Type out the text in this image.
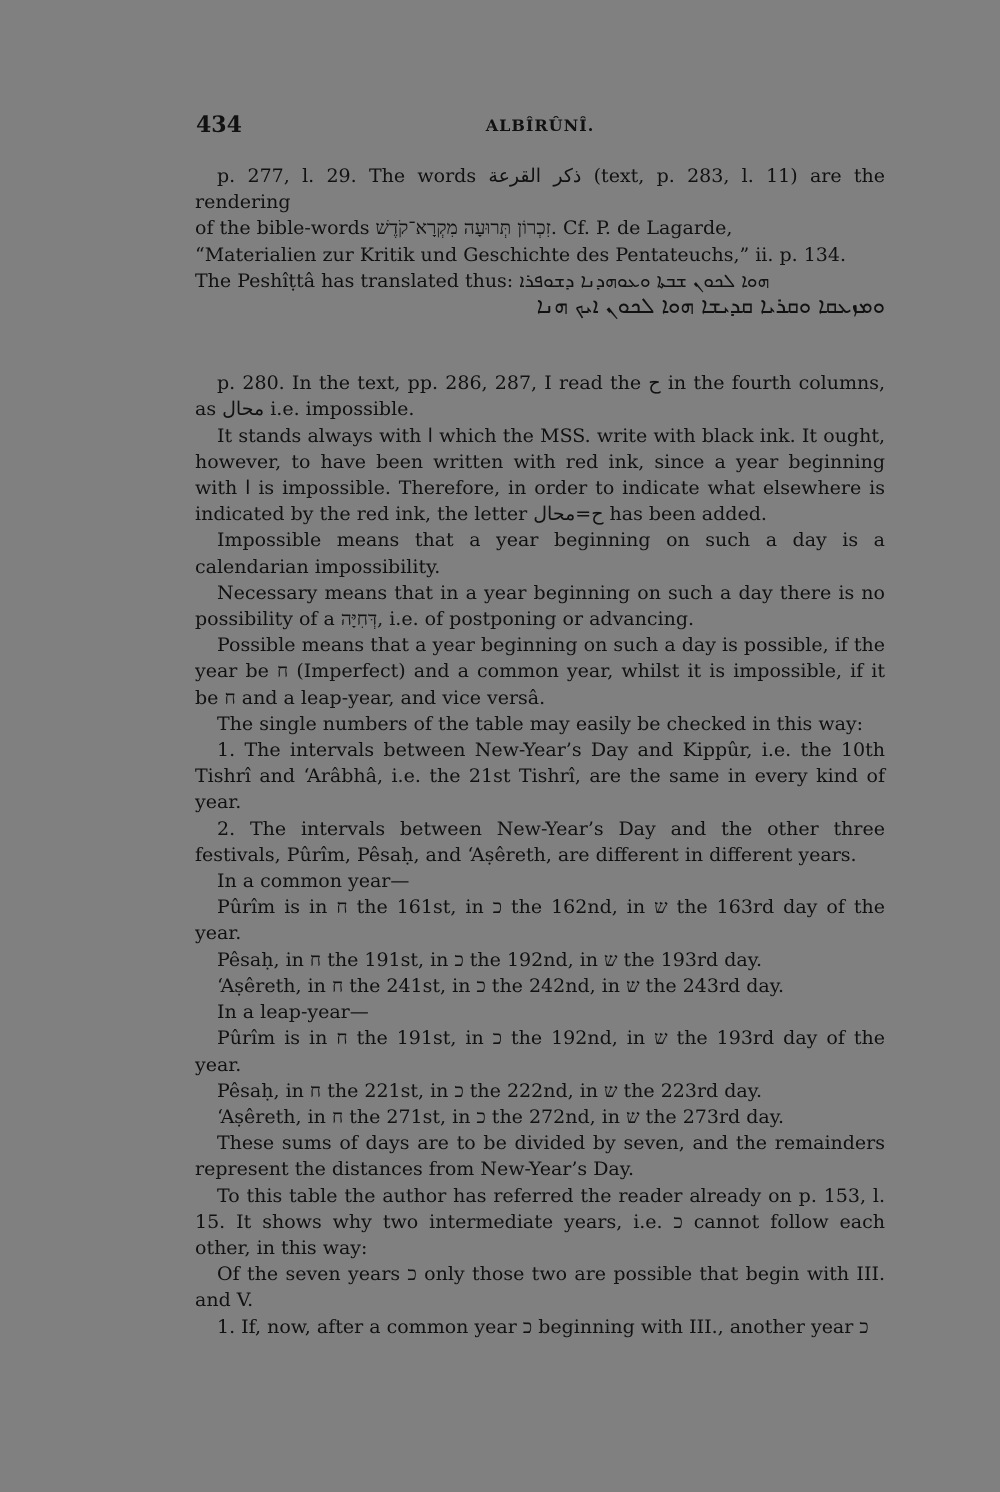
434	ALBÎRÛNÎ.

p. 277, l. 29. The words ذكر القرعة (text, p. 283, l. 11) are the rendering

of the bible-words זִכְרוֹן תְּרוּעָה מִקְרָא־קֹדֶשׁ. Cf. P. de Lagarde,

“Materialien zur Kritik und Geschichte des Pentateuchs,” ii. p. 134.

The Peshîṭtâ has translated thus: ܗܘܐ ܠܟܘܢ ܫܒܬܐ ܘܥܘܗܕܢܐ ܕܫܘܦܪܐ

ܘܡܙܥܩܐ ܘܩܪܝܐ ܩܕܝܫܐ ܗܘܐ ܠܟܘܢ ܐܝܟ ܗܢܐ

p. 280. In the text, pp. 286, 287, I read the ح in the fourth columns, as محال i.e. impossible.

It stands always with ا which the MSS. write with black ink. It ought, however, to have been written with red ink, since a year beginning with ا is impossible. Therefore, in order to indicate what elsewhere is indicated by the red ink, the letter ح=محال has been added.

Impossible means that a year beginning on such a day is a calendarian impossibility.

Necessary means that in a year beginning on such a day there is no possibility of a דְּחִיָּה, i.e. of postponing or advancing.

Possible means that a year beginning on such a day is possible, if the year be ח (Imperfect) and a common year, whilst it is impossible, if it be ח and a leap-year, and vice versâ.

The single numbers of the table may easily be checked in this way:

1. The intervals between New-Year’s Day and Kippûr, i.e. the 10th Tishrî and ‘Arâbhâ, i.e. the 21st Tishrî, are the same in every kind of year.

2. The intervals between New-Year’s Day and the other three festivals, Pûrîm, Pêsaḥ, and ‘Aṣêreth, are different in different years.

In a common year—

Pûrîm is in ח the 161st, in כ the 162nd, in ש the 163rd day of the year.

Pêsaḥ, in ח the 191st, in כ the 192nd, in ש the 193rd day.

‘Aṣêreth, in ח the 241st, in כ the 242nd, in ש the 243rd day.

In a leap-year—

Pûrîm is in ח the 191st, in כ the 192nd, in ש the 193rd day of the year.

Pêsaḥ, in ח the 221st, in כ the 222nd, in ש the 223rd day.

‘Aṣêreth, in ח the 271st, in כ the 272nd, in ש the 273rd day.

These sums of days are to be divided by seven, and the remainders represent the distances from New-Year’s Day.

To this table the author has referred the reader already on p. 153, l. 15. It shows why two intermediate years, i.e. כ cannot follow each other, in this way:

Of the seven years כ only those two are possible that begin with III. and V.

1. If, now, after a common year כ beginning with III., another year כ
